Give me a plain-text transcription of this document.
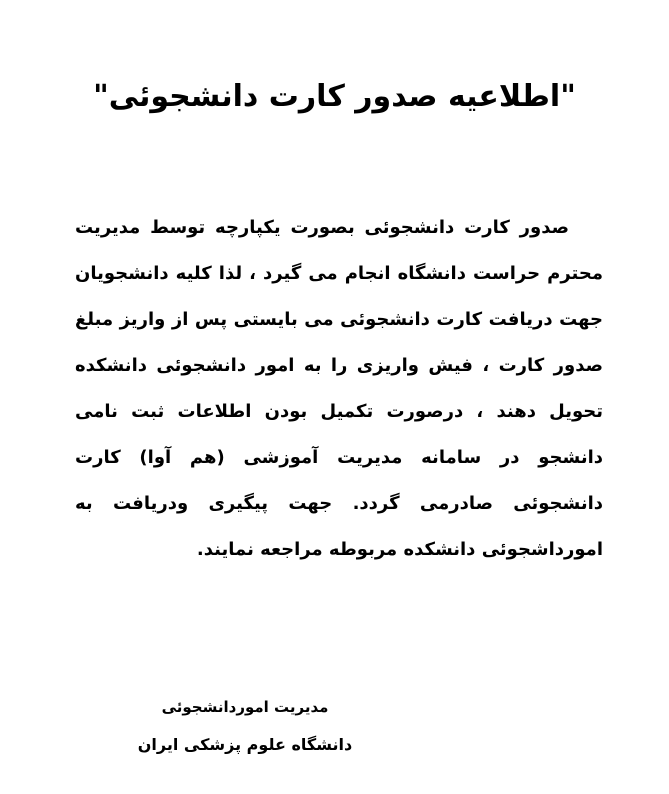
"اطلاعیه صدور کارت دانشجوئی"

صدور کارت دانشجوئی بصورت یکپارچه توسط مدیریت محترم حراست دانشگاه انجام می گیرد ، لذا کلیه دانشجویان جهت دریافت کارت دانشجوئی می بایستی پس از واریز مبلغ صدور کارت ، فیش واریزی را به امور دانشجوئی دانشکده تحویل دهند ، درصورت تکمیل بودن اطلاعات ثبت نامی دانشجو در سامانه مدیریت آموزشی (هم آوا) کارت دانشجوئی صادرمی گردد. جهت پیگیری ودریافت به امورداشجوئی دانشکده مربوطه مراجعه نمایند.

مدیریت اموردانشجوئی
دانشگاه علوم پزشکی ایران
